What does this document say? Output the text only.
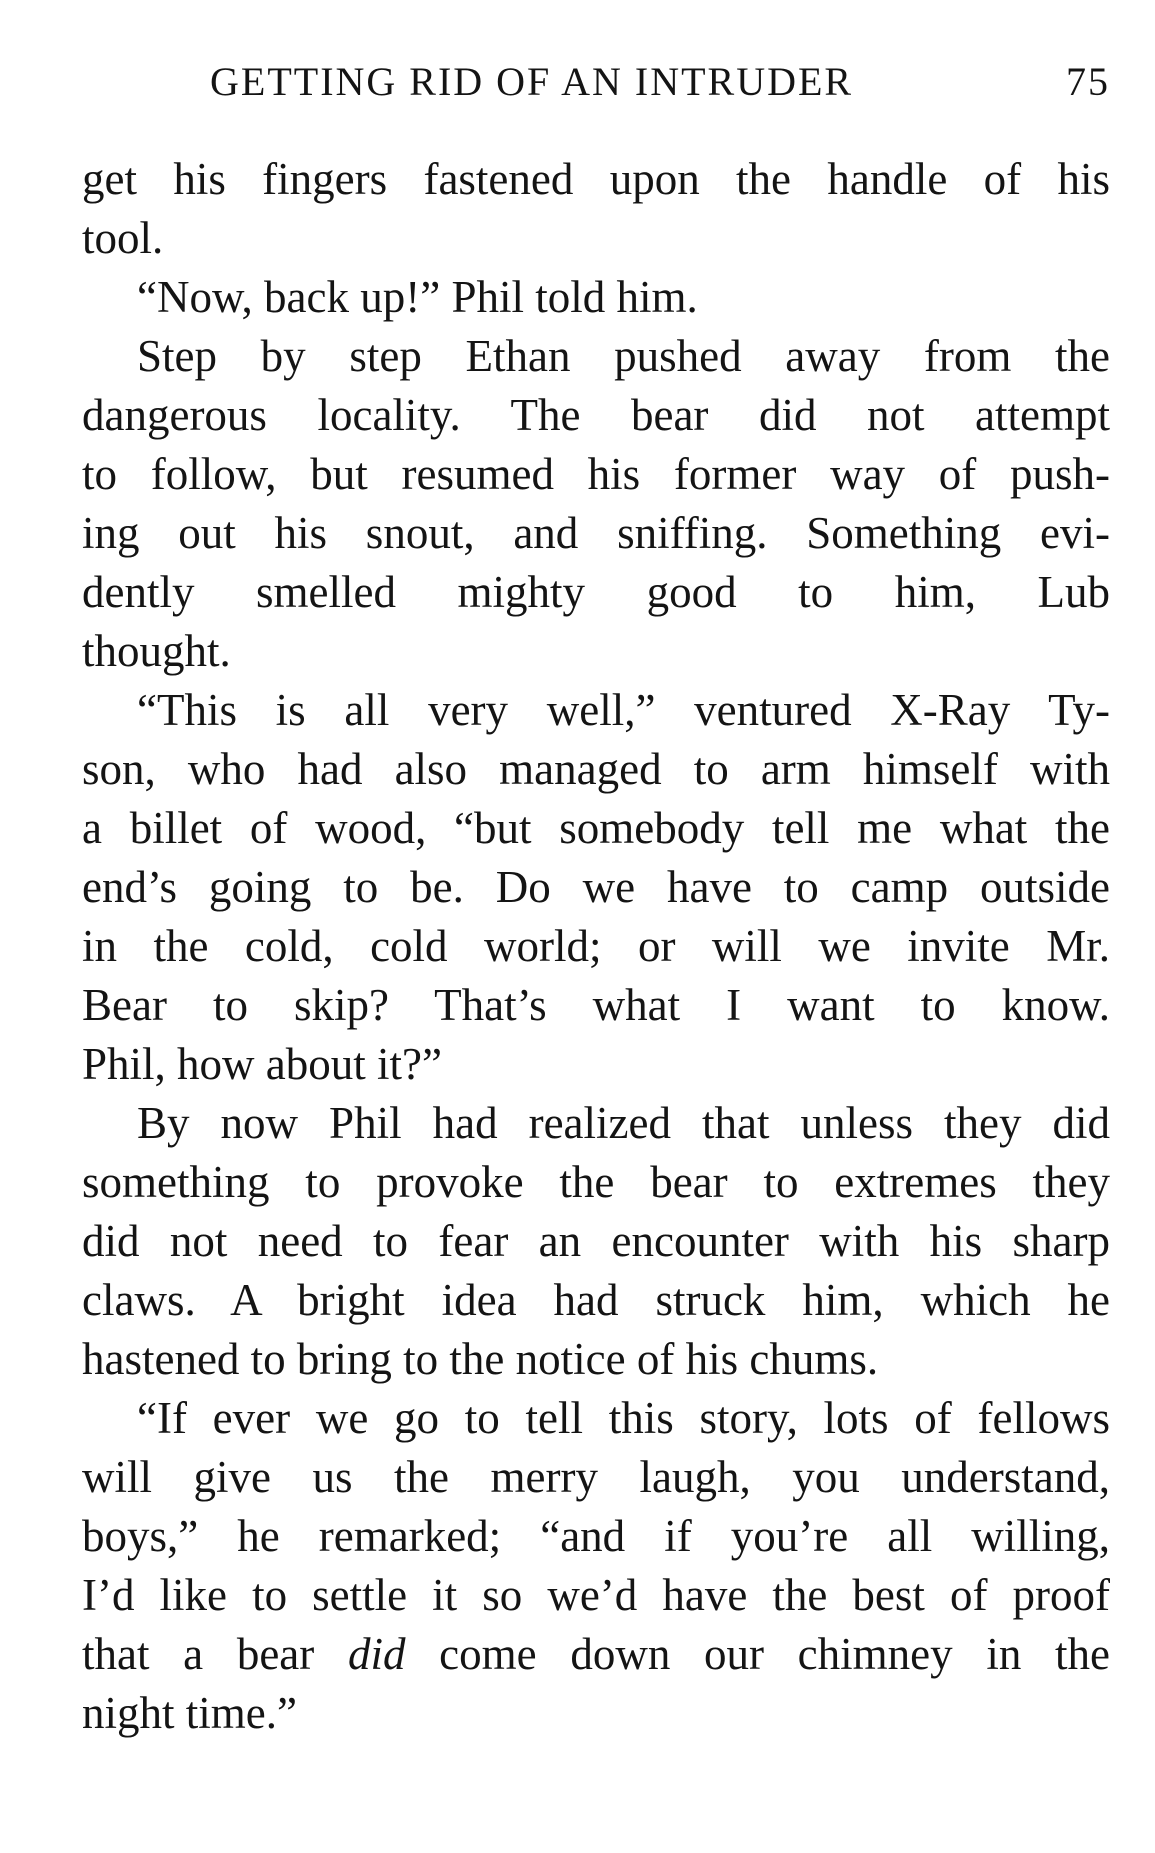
GETTING RID OF AN INTRUDER	75
get his fingers fastened upon the handle of his
tool.
“Now, back up!” Phil told him.
Step by step Ethan pushed away from the
dangerous locality. The bear did not attempt
to follow, but resumed his former way of push-
ing out his snout, and sniffing. Something evi-
dently smelled mighty good to him, Lub
thought.
“This is all very well,” ventured X-Ray Ty-
son, who had also managed to arm himself with
a billet of wood, “but somebody tell me what the
end’s going to be. Do we have to camp outside
in the cold, cold world; or will we invite Mr.
Bear to skip? That’s what I want to know.
Phil, how about it?”
By now Phil had realized that unless they did
something to provoke the bear to extremes they
did not need to fear an encounter with his sharp
claws. A bright idea had struck him, which he
hastened to bring to the notice of his chums.
“If ever we go to tell this story, lots of fellows
will give us the merry laugh, you understand,
boys,” he remarked; “and if you’re all willing,
I’d like to settle it so we’d have the best of proof
that a bear did come down our chimney in the
night time.”
